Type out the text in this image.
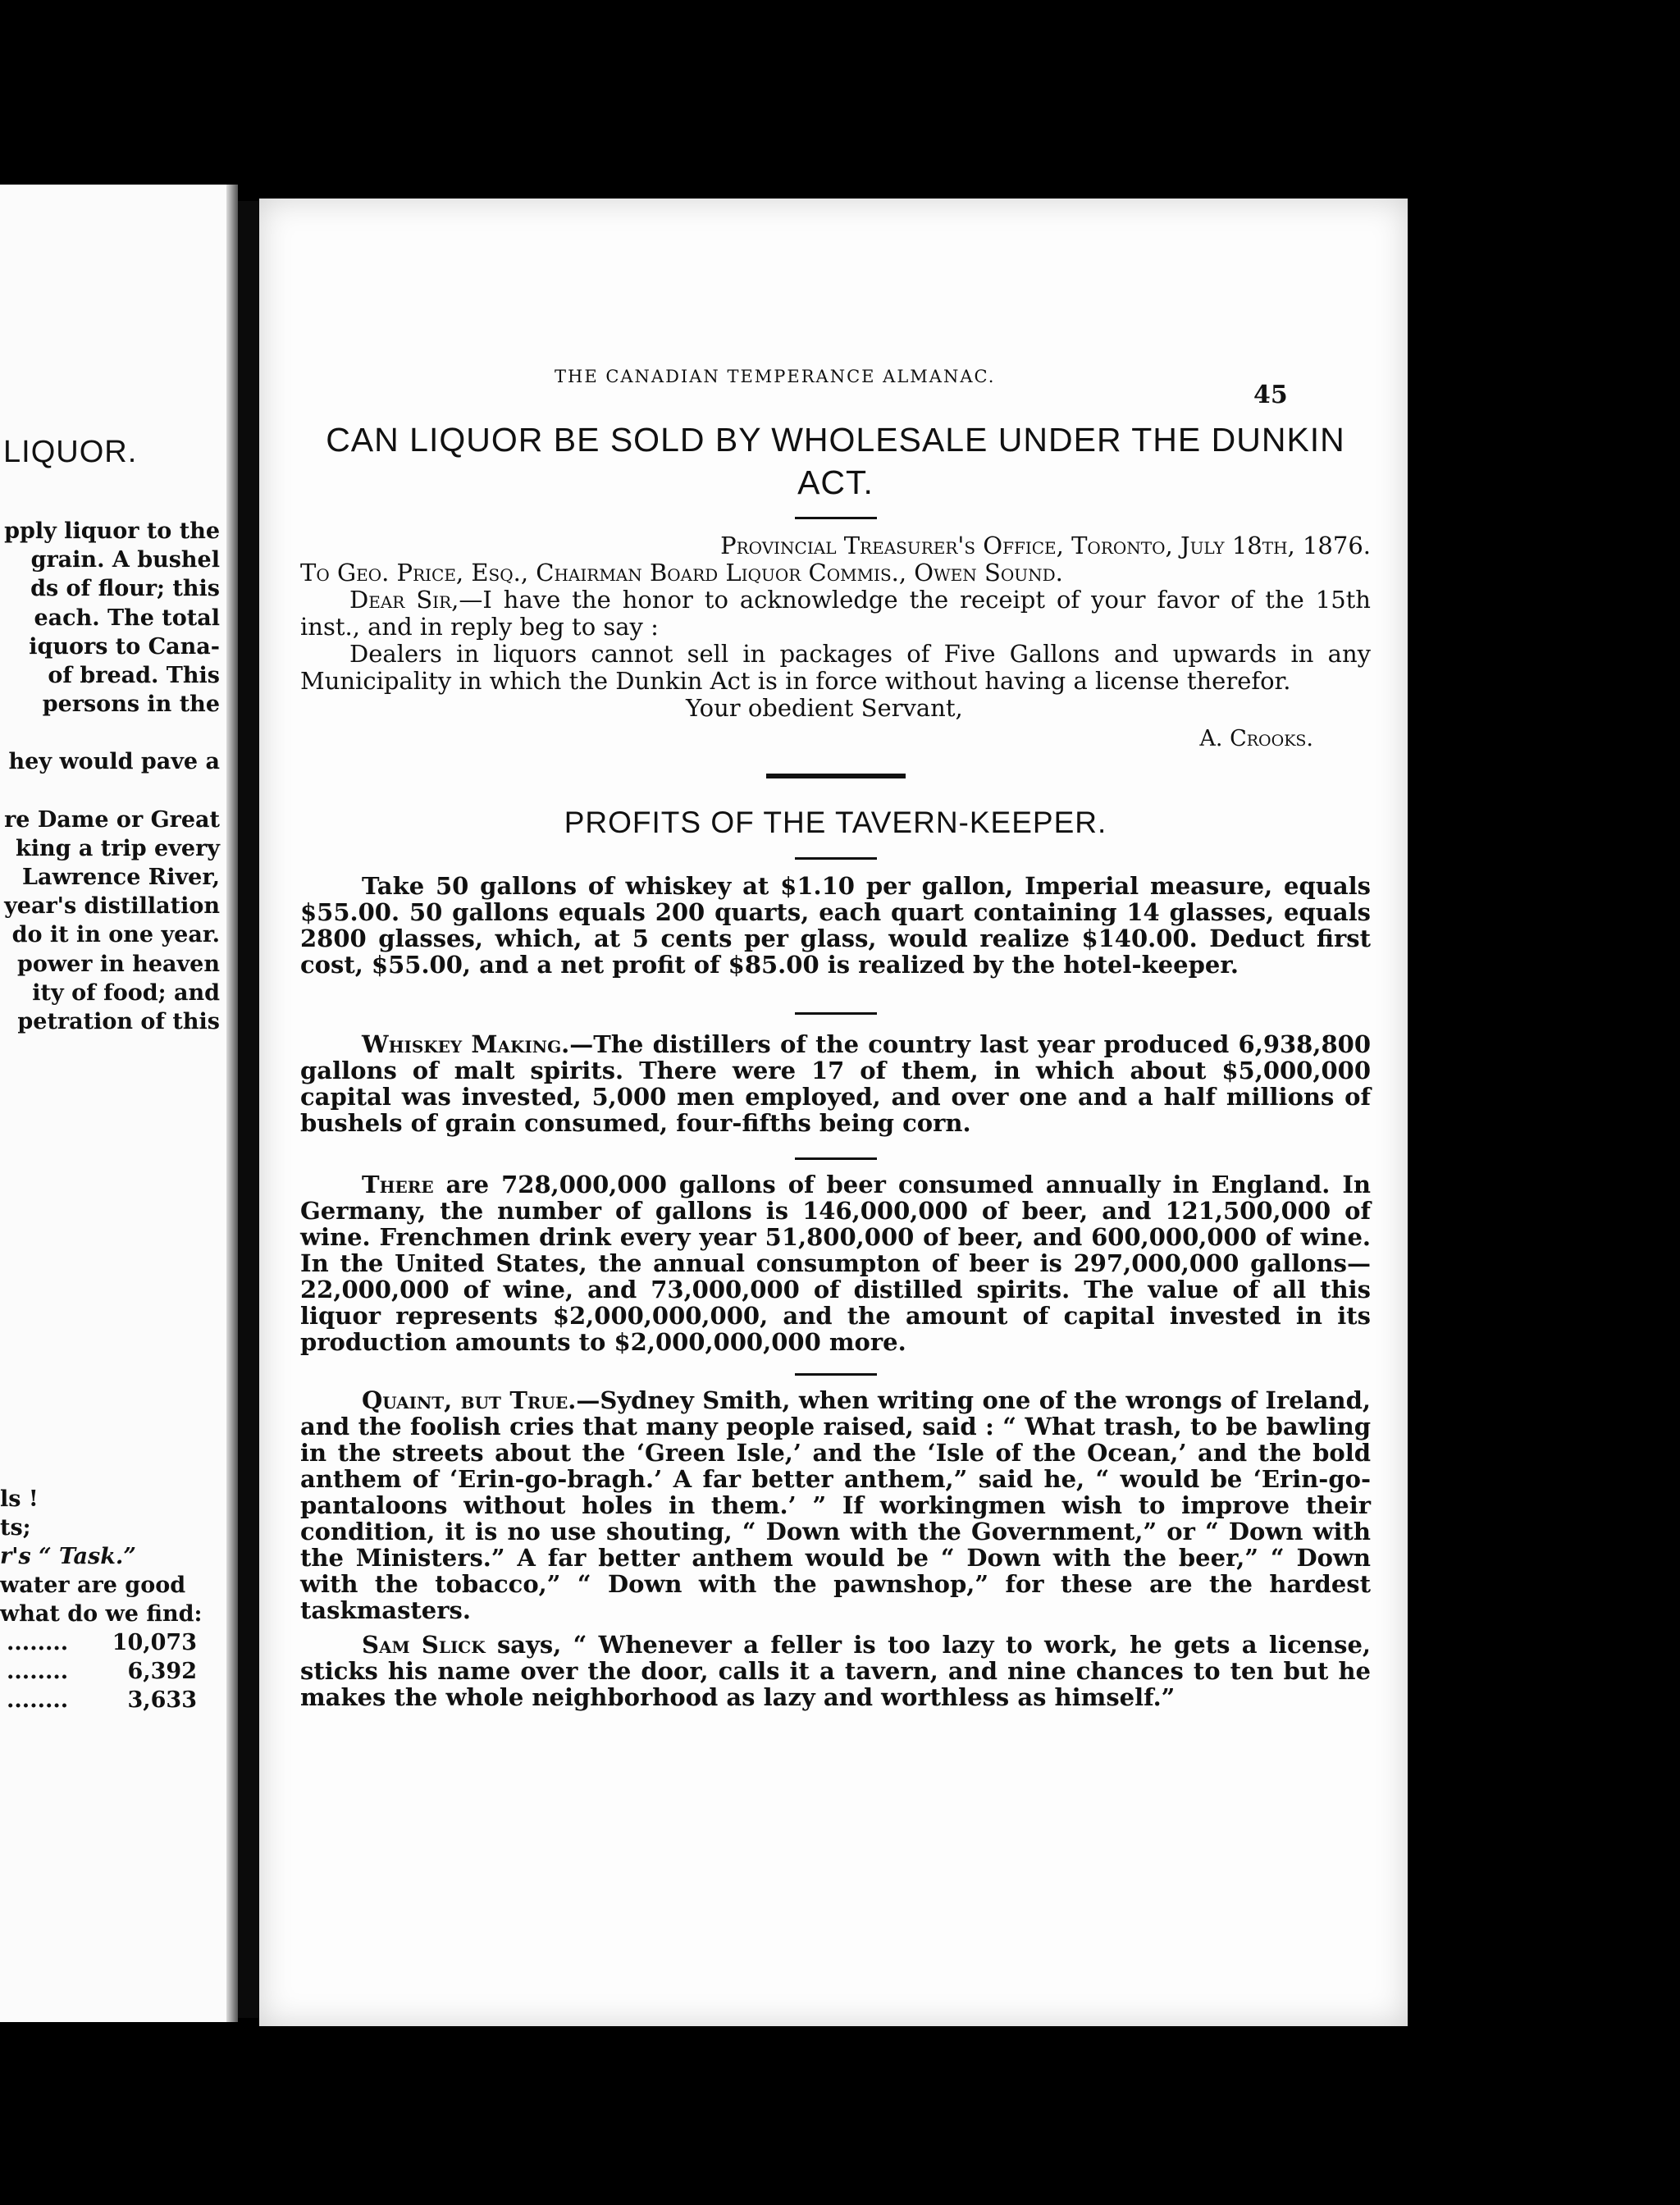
LIQUOR.
pply liquor to the
grain. A bushel
ds of flour; this
each. The total
iquors to Cana-
of bread. This
persons in the
hey would pave a
re Dame or Great
king a trip every
Lawrence River,
year's distillation
do it in one year.
power in heaven
ity of food; and
petration of this
ls !
ts;
r's “ Task.”
water are good
what do we find:
........ 10,073
........	6,392
........	3,633
THE CANADIAN TEMPERANCE ALMANAC.
45
CAN LIQUOR BE SOLD BY WHOLESALE UNDER THE DUNKIN ACT.
Provincial Treasurer's Office, Toronto, July 18th, 1876.
To Geo. Price, Esq., Chairman Board Liquor Commis., Owen Sound.
Dear Sir,—I have the honor to acknowledge the receipt of your favor of the 15th inst., and in reply beg to say :
Dealers in liquors cannot sell in packages of Five Gallons and upwards in any Municipality in which the Dunkin Act is in force without having a license therefor.
Your obedient Servant,
A. Crooks.
PROFITS OF THE TAVERN-KEEPER.

Take 50 gallons of whiskey at $1.10 per gallon, Imperial measure, equals $55.00. 50 gallons equals 200 quarts, each quart containing 14 glasses, equals 2800 glasses, which, at 5 cents per glass, would realize $140.00. Deduct first cost, $55.00, and a net profit of $85.00 is realized by the hotel-keeper.

Whiskey Making.—The distillers of the country last year produced 6,938,800 gallons of malt spirits. There were 17 of them, in which about $5,000,000 capital was invested, 5,000 men employed, and over one and a half millions of bushels of grain consumed, four-fifths being corn.

There are 728,000,000 gallons of beer consumed annually in England. In Germany, the number of gallons is 146,000,000 of beer, and 121,500,000 of wine. Frenchmen drink every year 51,800,000 of beer, and 600,000,000 of wine. In the United States, the annual consumpton of beer is 297,000,000 gallons—22,000,000 of wine, and 73,000,000 of distilled spirits. The value of all this liquor represents $2,000,000,000, and the amount of capital invested in its production amounts to $2,000,000,000 more.

Quaint, but True.—Sydney Smith, when writing one of the wrongs of Ireland, and the foolish cries that many people raised, said : “ What trash, to be bawling in the streets about the ‘Green Isle,’ and the ‘Isle of the Ocean,’ and the bold anthem of ‘Erin-go-bragh.’ A far better anthem,” said he, “ would be ‘Erin-go-pantaloons without holes in them.’ ” If workingmen wish to improve their condition, it is no use shouting, “ Down with the Government,” or “ Down with the Ministers.” A far better anthem would be “ Down with the beer,” “ Down with the tobacco,” “ Down with the pawnshop,” for these are the hardest taskmasters.

Sam Slick says, “ Whenever a feller is too lazy to work, he gets a license, sticks his name over the door, calls it a tavern, and nine chances to ten but he makes the whole neighborhood as lazy and worthless as himself.”
